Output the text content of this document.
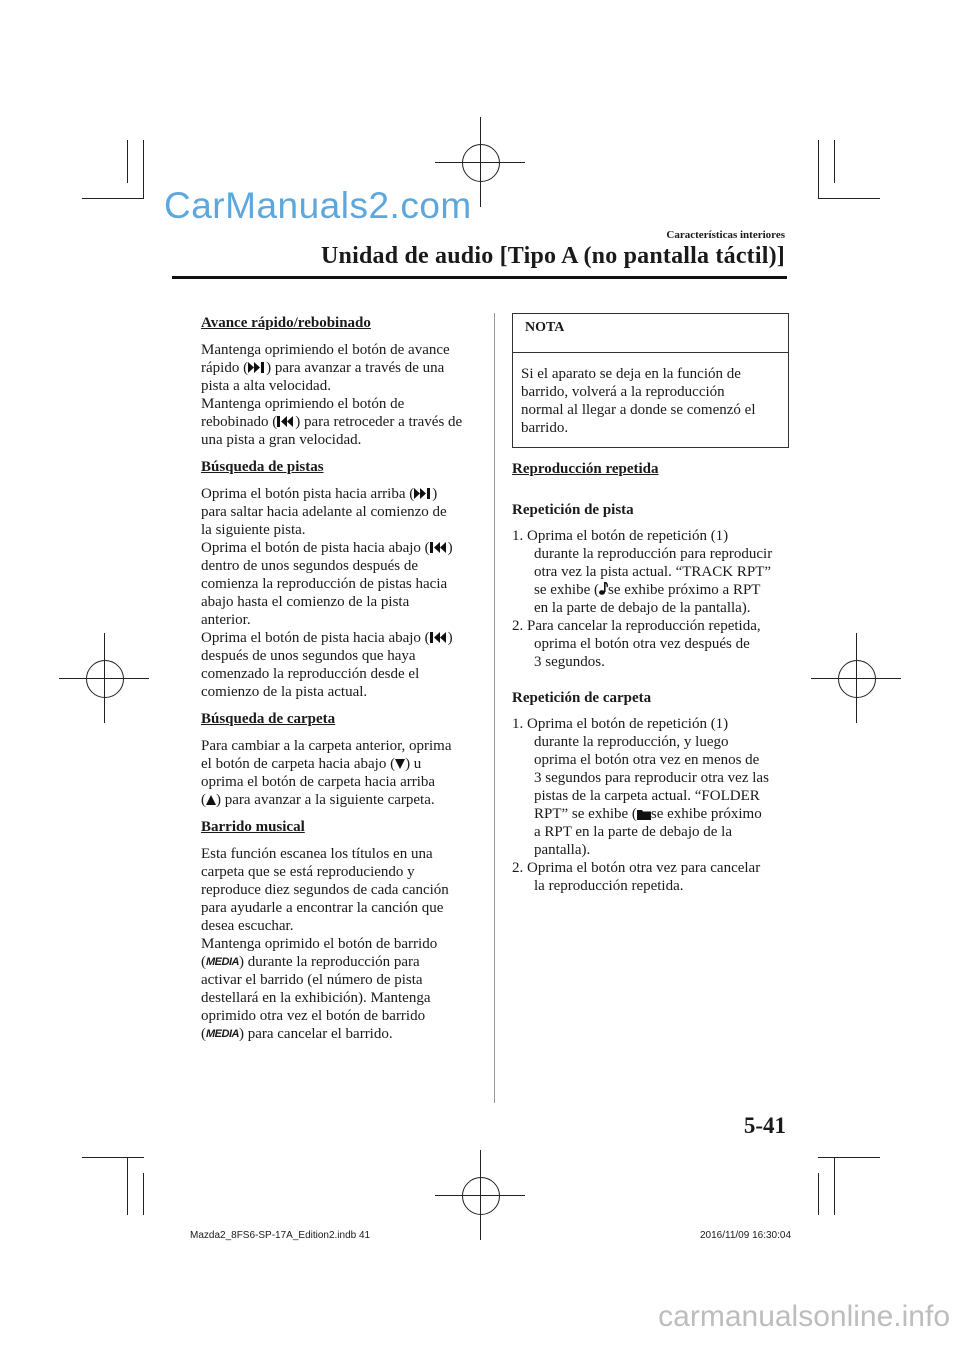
CarManuals2.com
Características interiores
Unidad de audio [Tipo A (no pantalla táctil)]

Avance rápido/rebobinado

Mantenga oprimiendo el botón de avance

rápido ( ) para avanzar a través de una

pista a alta velocidad.

Mantenga oprimiendo el botón de

rebobinado ( ) para retroceder a través de

una pista a gran velocidad.

Búsqueda de pistas

Oprima el botón pista hacia arriba ( )

para saltar hacia adelante al comienzo de

la siguiente pista.

Oprima el botón de pista hacia abajo ( )

dentro de unos segundos después de

comienza la reproducción de pistas hacia

abajo hasta el comienzo de la pista

anterior.

Oprima el botón de pista hacia abajo ( )

después de unos segundos que haya

comenzado la reproducción desde el

comienzo de la pista actual.

Búsqueda de carpeta

Para cambiar a la carpeta anterior, oprima

el botón de carpeta hacia abajo ( ) u

oprima el botón de carpeta hacia arriba

( ) para avanzar a la siguiente carpeta.

Barrido musical

Esta función escanea los títulos en una

carpeta que se está reproduciendo y

reproduce diez segundos de cada canción

para ayudarle a encontrar la canción que

desea escuchar.

Mantenga oprimido el botón de barrido

(MEDIA) durante la reproducción para

activar el barrido (el número de pista

destellará en la exhibición). Mantenga

oprimido otra vez el botón de barrido

(MEDIA) para cancelar el barrido.

NOTA
Si el aparato se deja en la función de
barrido, volverá a la reproducción
normal al llegar a donde se comenzó el
barrido.

Reproducción repetida

Repetición de pista

1. Oprima el botón de repetición (1)

durante la reproducción para reproducir

otra vez la pista actual. “TRACK RPT”

se exhibe ( se exhibe próximo a RPT

en la parte de debajo de la pantalla).

2. Para cancelar la reproducción repetida,

oprima el botón otra vez después de

3 segundos.

Repetición de carpeta

1. Oprima el botón de repetición (1)

durante la reproducción, y luego

oprima el botón otra vez en menos de

3 segundos para reproducir otra vez las

pistas de la carpeta actual. “FOLDER

RPT” se exhibe ( se exhibe próximo

a RPT en la parte de debajo de la

pantalla).

2. Oprima el botón otra vez para cancelar

la reproducción repetida.

5-41
Mazda2_8FS6-SP-17A_Edition2.indb 41	2016/11/09 16:30:04
carmanualsonline.info
